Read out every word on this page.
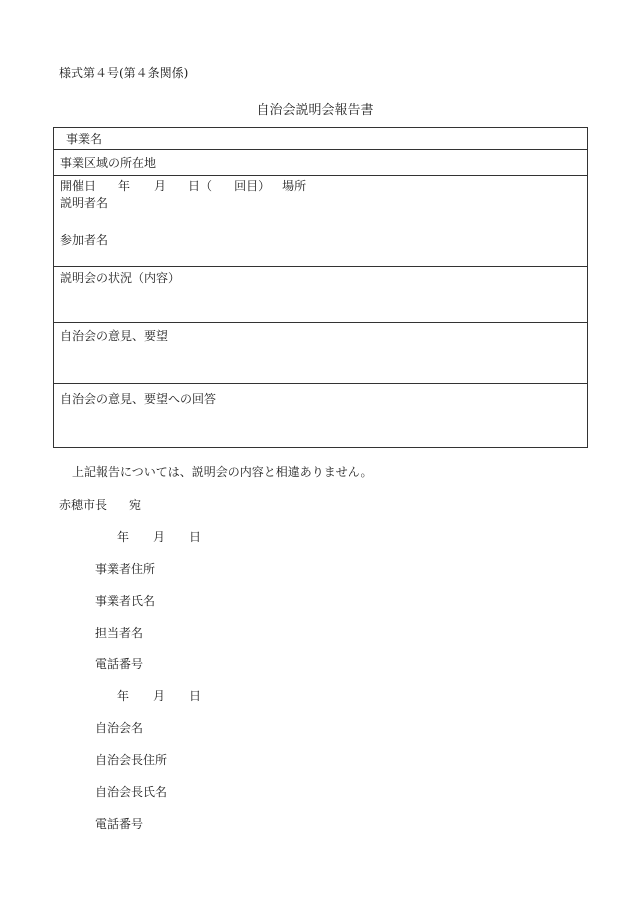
様式第４号(第４条関係)
自治会説明会報告書
事業名
事業区域の所在地
開催日 年 月 日（ 回目） 場所
説明者名
参加者名
説明会の状況（内容）
自治会の意見、要望
自治会の意見、要望への回答
上記報告については、説明会の内容と相違ありません。
赤穂市長 宛
年 月 日
事業者住所
事業者氏名
担当者名
電話番号
年 月 日
自治会名
自治会長住所
自治会長氏名
電話番号
